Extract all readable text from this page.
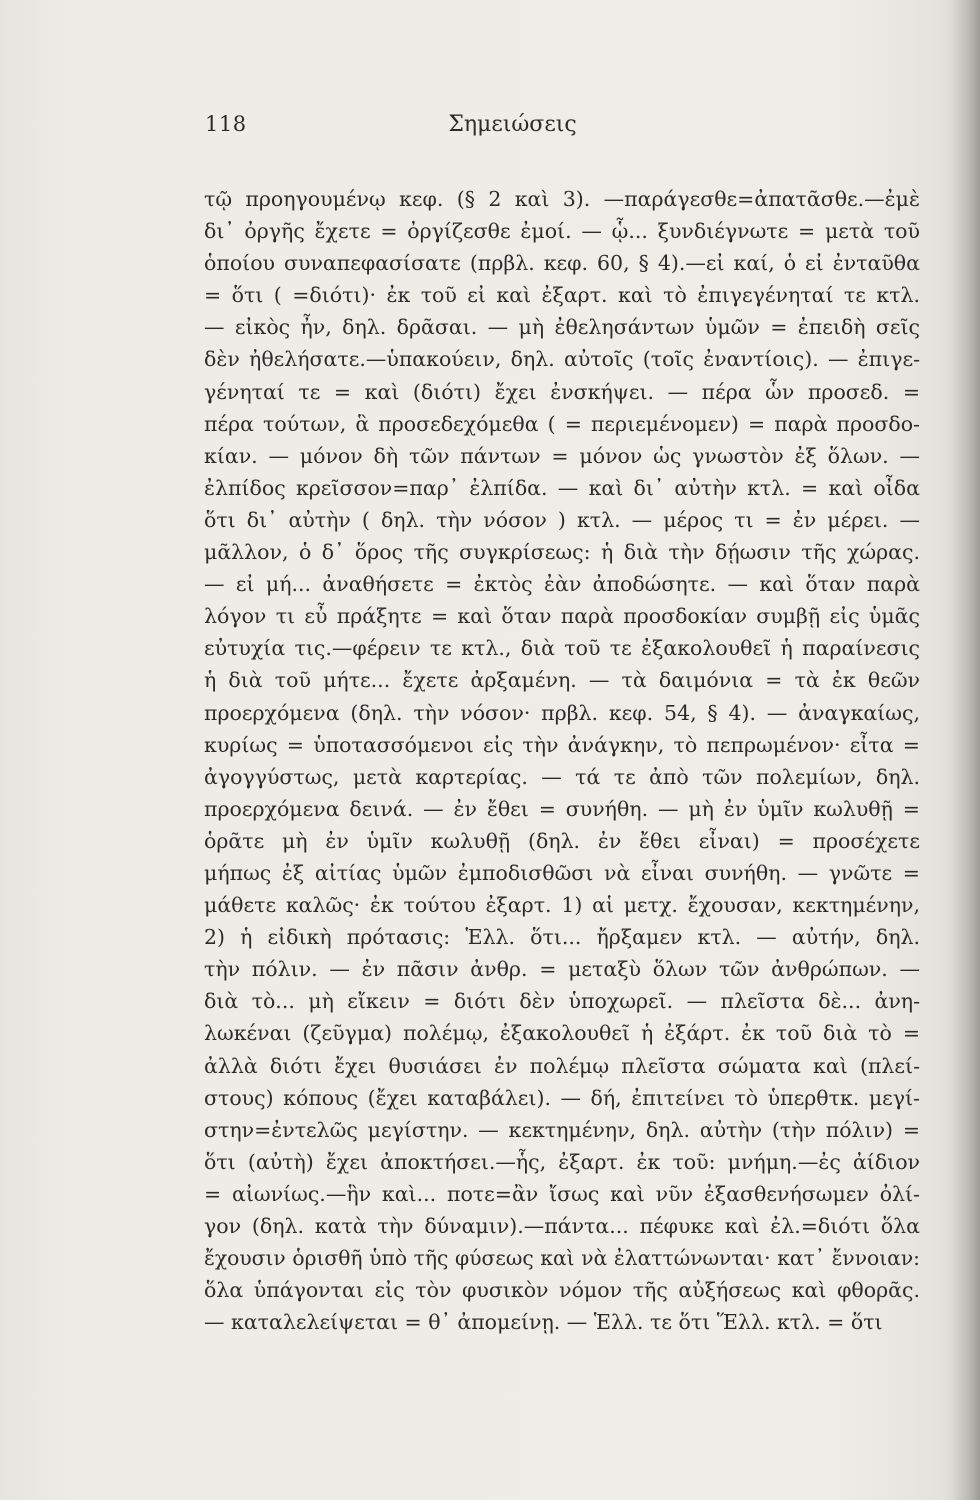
118	Σημειώσεις
τῷ προηγουμένῳ κεφ. (§ 2 καὶ 3). —παράγεσθε=ἀπατᾶσθε.—ἐμὲ
δι᾽ ὀργῆς ἔχετε = ὀργίζεσθε ἐμοί. — ᾧ... ξυνδιέγνωτε = μετὰ τοῦ
ὁποίου συναπεφασίσατε (πρβλ. κεφ. 60, § 4).—εἰ καί, ὁ εἰ ἐνταῦθα
= ὅτι ( =διότι)· ἐκ τοῦ εἰ καὶ ἐξαρτ. καὶ τὸ ἐπιγεγένηταί τε κτλ.
— εἰκὸς ἦν, δηλ. δρᾶσαι. — μὴ ἐθελησάντων ὑμῶν = ἐπειδὴ σεῖς
δὲν ἠθελήσατε.—ὑπακούειν, δηλ. αὐτοῖς (τοῖς ἐναντίοις). — ἐπιγε-
γένηταί τε = καὶ (διότι) ἔχει ἐνσκήψει. — πέρα ὧν προσεδ. =
πέρα τούτων, ἃ προσεδεχόμεθα ( = περιεμένομεν) = παρὰ προσδο-
κίαν. — μόνον δὴ τῶν πάντων = μόνον ὡς γνωστὸν ἐξ ὅλων. —
ἐλπίδος κρεῖσσον=παρ᾽ ἐλπίδα. — καὶ δι᾽ αὐτὴν κτλ. = καὶ οἶδα
ὅτι δι᾽ αὐτὴν ( δηλ. τὴν νόσον ) κτλ. — μέρος τι = ἐν μέρει. —
μᾶλλον, ὁ δ᾽ ὅρος τῆς συγκρίσεως: ἡ διὰ τὴν δῄωσιν τῆς χώρας.
— εἰ μή... ἀναθήσετε = ἐκτὸς ἐὰν ἀποδώσητε. — καὶ ὅταν παρὰ
λόγον τι εὖ πράξητε = καὶ ὅταν παρὰ προσδοκίαν συμβῇ εἰς ὑμᾶς
εὐτυχία τις.—φέρειν τε κτλ., διὰ τοῦ τε ἐξακολουθεῖ ἡ παραίνεσις
ἡ διὰ τοῦ μήτε... ἔχετε ἀρξαμένη. — τὰ δαιμόνια = τὰ ἐκ θεῶν
προερχόμενα (δηλ. τὴν νόσον· πρβλ. κεφ. 54, § 4). — ἀναγκαίως,
κυρίως = ὑποτασσόμενοι εἰς τὴν ἀνάγκην, τὸ πεπρωμένον· εἶτα =
ἀγογγύστως, μετὰ καρτερίας. — τά τε ἀπὸ τῶν πολεμίων, δηλ.
προερχόμενα δεινά. — ἐν ἔθει = συνήθη. — μὴ ἐν ὑμῖν κωλυθῇ =
ὁρᾶτε μὴ ἐν ὑμῖν κωλυθῇ (δηλ. ἐν ἔθει εἶναι) = προσέχετε
μήπως ἐξ αἰτίας ὑμῶν ἐμποδισθῶσι νὰ εἶναι συνήθη. — γνῶτε =
μάθετε καλῶς· ἐκ τούτου ἐξαρτ. 1) αἱ μετχ. ἔχουσαν, κεκτημένην,
2) ἡ εἰδικὴ πρότασις: Ἑλλ. ὅτι... ἤρξαμεν κτλ. — αὐτήν, δηλ.
τὴν πόλιν. — ἐν πᾶσιν ἀνθρ. = μεταξὺ ὅλων τῶν ἀνθρώπων. —
διὰ τὸ... μὴ εἴκειν = διότι δὲν ὑποχωρεῖ. — πλεῖστα δὲ... ἀνη-
λωκέναι (ζεῦγμα) πολέμῳ, ἐξακολουθεῖ ἡ ἐξάρτ. ἐκ τοῦ διὰ τὸ =
ἀλλὰ διότι ἔχει θυσιάσει ἐν πολέμῳ πλεῖστα σώματα καὶ (πλεί-
στους) κόπους (ἔχει καταβάλει). — δή, ἐπιτείνει τὸ ὑπερθτκ. μεγί-
στην=ἐντελῶς μεγίστην. — κεκτημένην, δηλ. αὐτὴν (τὴν πόλιν) =
ὅτι (αὐτὴ) ἔχει ἀποκτήσει.—ἧς, ἐξαρτ. ἐκ τοῦ: μνήμη.—ἐς ἀίδιον
= αἰωνίως.—ἣν καὶ... ποτε=ἂν ἴσως καὶ νῦν ἐξασθενήσωμεν ὀλί-
γον (δηλ. κατὰ τὴν δύναμιν).—πάντα... πέφυκε καὶ ἐλ.=διότι ὅλα
ἔχουσιν ὁρισθῆ ὑπὸ τῆς φύσεως καὶ νὰ ἐλαττώνωνται· κατ᾽ ἔννοιαν:
ὅλα ὑπάγονται εἰς τὸν φυσικὸν νόμον τῆς αὐξήσεως καὶ φθορᾶς.
— καταλελείψεται = θ᾽ ἀπομείνῃ. — Ἑλλ. τε ὅτι Ἕλλ. κτλ. = ὅτι
